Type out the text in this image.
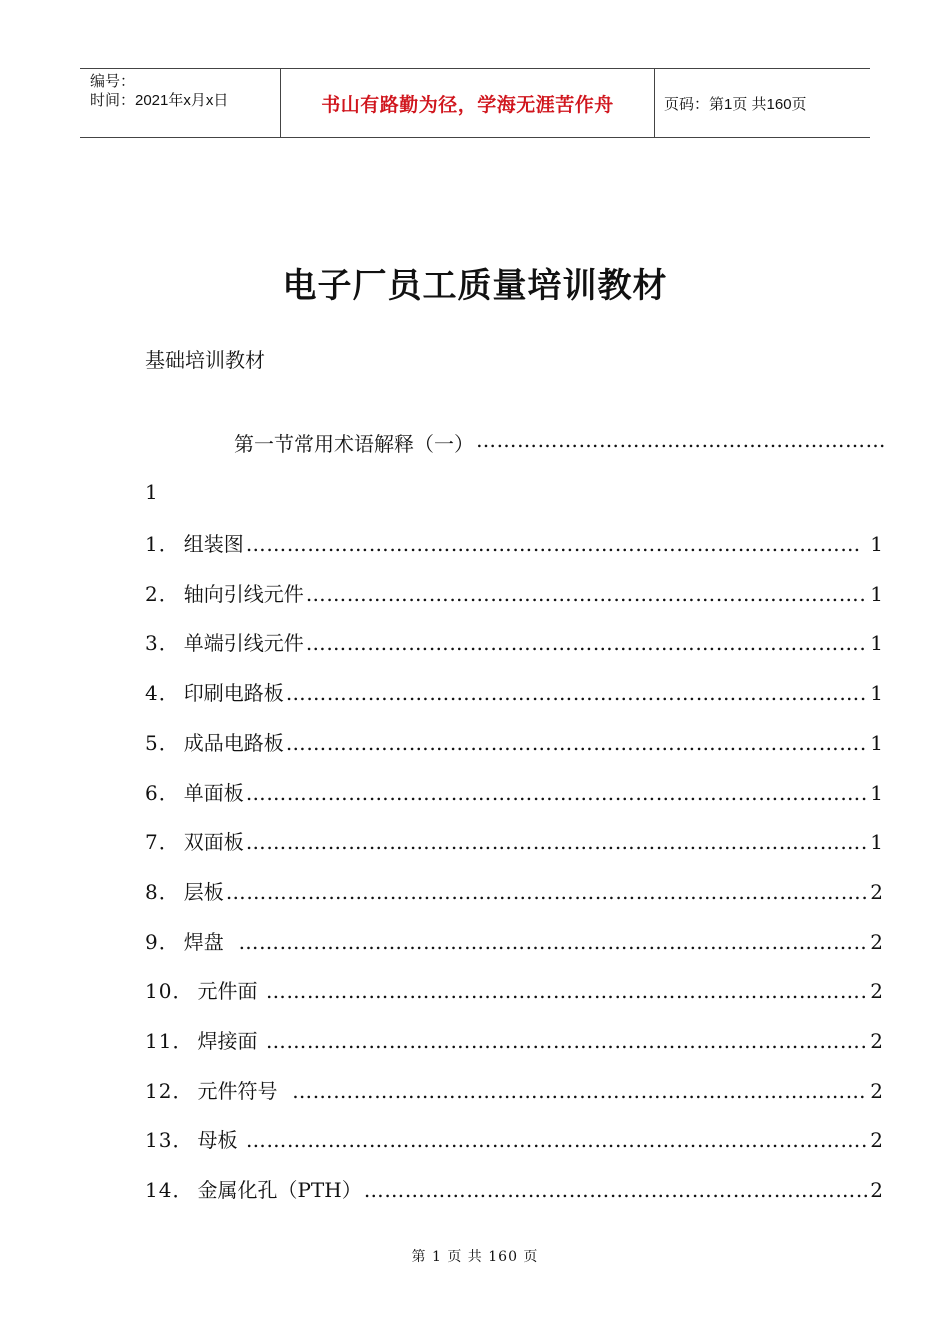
编号：
时间：2021年x月x日	书山有路勤为径，学海无涯苦作舟	页码：第1页 共160页
电子厂员工质量培训教材
基础培训教材
第一节常用术语解释（一）
…………………………………………………………………………………………………………………………………………………………………………………………
1
1． 组装图 …………………………………………………………………………………………………………………………………………………………………………………………	1
2． 轴向引线元件 …………………………………………………………………………………………………………………………………………………………………………………………	1
3． 单端引线元件 …………………………………………………………………………………………………………………………………………………………………………………………	1
4． 印刷电路板 …………………………………………………………………………………………………………………………………………………………………………………………	1
5． 成品电路板 …………………………………………………………………………………………………………………………………………………………………………………………	1
6． 单面板 …………………………………………………………………………………………………………………………………………………………………………………………	1
7． 双面板 …………………………………………………………………………………………………………………………………………………………………………………………	1
8． 层板 …………………………………………………………………………………………………………………………………………………………………………………………	2
9． 焊盘 …………………………………………………………………………………………………………………………………………………………………………………………	2
10． 元件面 …………………………………………………………………………………………………………………………………………………………………………………………	2
11． 焊接面 …………………………………………………………………………………………………………………………………………………………………………………………	2
12． 元件符号 …………………………………………………………………………………………………………………………………………………………………………………………	2
13． 母板 …………………………………………………………………………………………………………………………………………………………………………………………	2
14． 金属化孔（PTH） …………………………………………………………………………………………………………………………………………………………………………………………	2
第 1 页 共 160 页
